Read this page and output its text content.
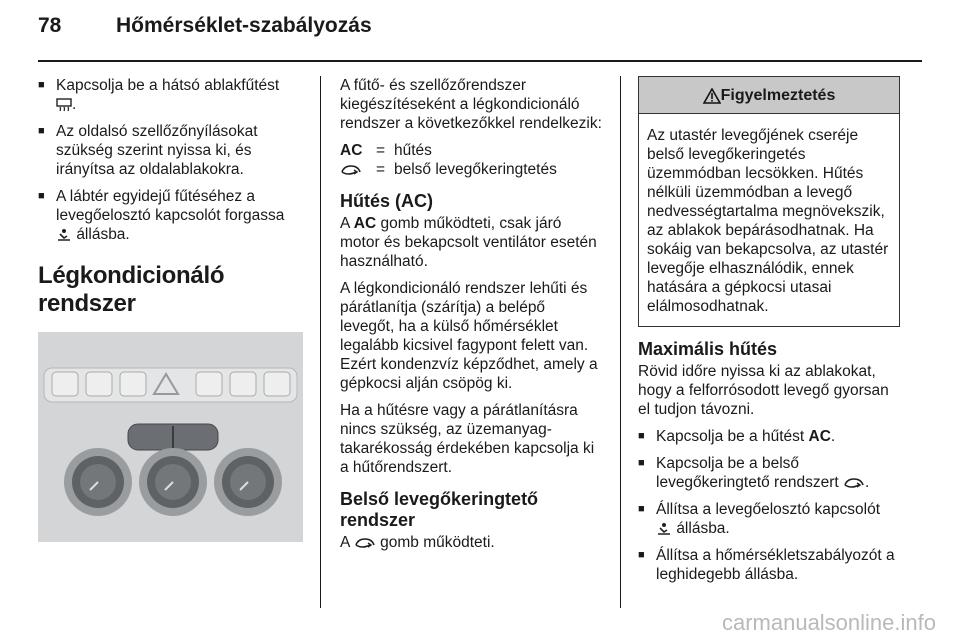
78	Hőmérséklet-szabályozás
■ Kapcsolja be a hátsó ablakfűtést
.
■ Az oldalsó szellőzőnyílásokat szükség szerint nyissa ki, és irányítsa az oldalablakokra.
■ A lábtér egyidejű fűtéséhez a levegőelosztó kapcsolót forgassa
állásba.
Légkondicionáló rendszer

A fűtő- és szellőzőrendszer kiegészítéseként a légkondicionáló rendszer a következőkkel rendelkezik:

AC = hűtés
= belső levegőkeringtetés
Hűtés (AC)

A AC gomb működteti, csak járó motor és bekapcsolt ventilátor esetén használható.

A légkondicionáló rendszer lehűti és párátlanítja (szárítja) a belépő levegőt, ha a külső hőmérséklet legalább kicsivel fagypont felett van. Ezért kondenzvíz képződhet, amely a gépkocsi alján csöpög ki.

Ha a hűtésre vagy a párátlanításra nincs szükség, az üzemanyag-takarékosság érdekében kapcsolja ki a hűtőrendszert.

Belső levegőkeringtető rendszer

A gomb működteti.

Figyelmeztetés
Az utastér levegőjének cseréje belső levegőkeringetés üzemmódban lecsökken. Hűtés nélküli üzemmódban a levegő nedvességtartalma megnövekszik, az ablakok bepárásodhatnak. Ha sokáig van bekapcsolva, az utastér levegője elhasználódik, ennek hatására a gépkocsi utasai elálmosodhatnak.
Maximális hűtés

Rövid időre nyissa ki az ablakokat, hogy a felforrósodott levegő gyorsan el tudjon távozni.

■ Kapcsolja be a hűtést AC.
■ Kapcsolja be a belső levegőkeringtető rendszert .
■ Állítsa a levegőelosztó kapcsolót
állásba.
■ Állítsa a hőmérsékletszabályozót a leghidegebb állásba.
carmanualsonline.info
